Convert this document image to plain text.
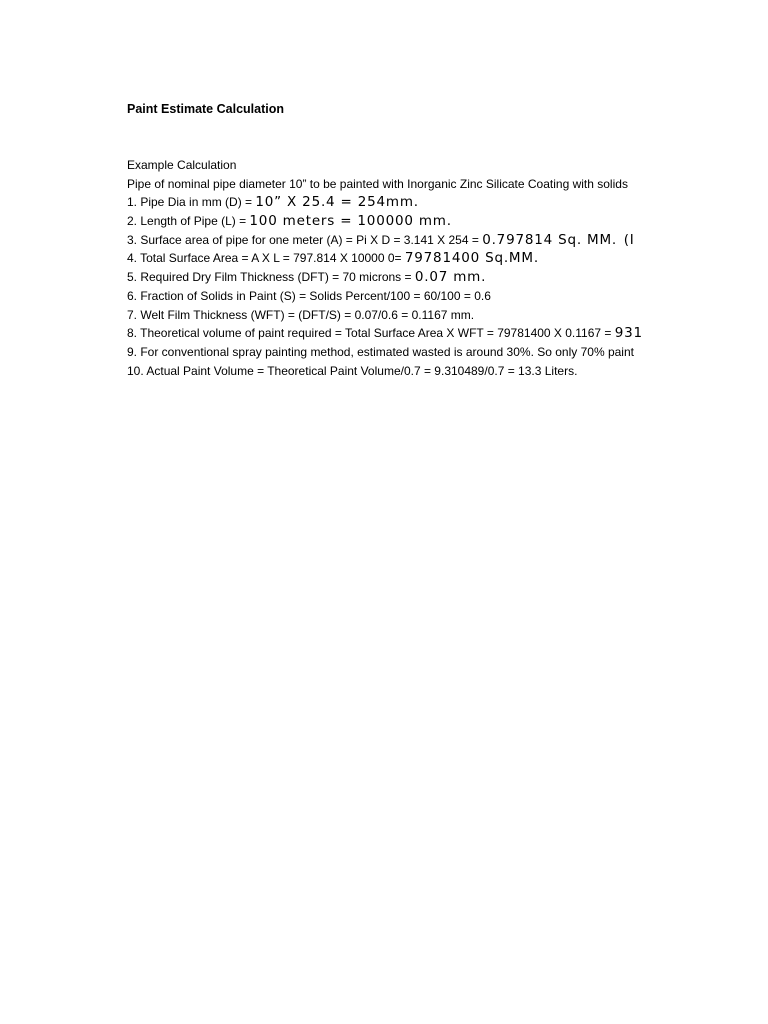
Paint Estimate Calculation
Example Calculation
Pipe of nominal pipe diameter 10” to be painted with Inorganic Zinc Silicate Coating with solids
1. Pipe Dia in mm (D) = 10” X 25.4 = 254mm.
2. Length of Pipe (L) = 100 meters = 100000 mm.
3. Surface area of pipe for one meter (A) = Pi X D = 3.141 X 254 = 0.797814 Sq. MM. (I
4. Total Surface Area = A X L = 797.814 X 10000 0= 79781400 Sq.MM.
5. Required Dry Film Thickness (DFT) = 70 microns = 0.07 mm.
6. Fraction of Solids in Paint (S) = Solids Percent/100 = 60/100 = 0.6
7. Welt Film Thickness (WFT) = (DFT/S) = 0.07/0.6 = 0.1167 mm.
8. Theoretical volume of paint required = Total Surface Area X WFT = 79781400 X 0.1167 = 931
9. For conventional spray painting method, estimated wasted is around 30%. So only 70% paint
10. Actual Paint Volume = Theoretical Paint Volume/0.7 = 9.310489/0.7 = 13.3 Liters.
